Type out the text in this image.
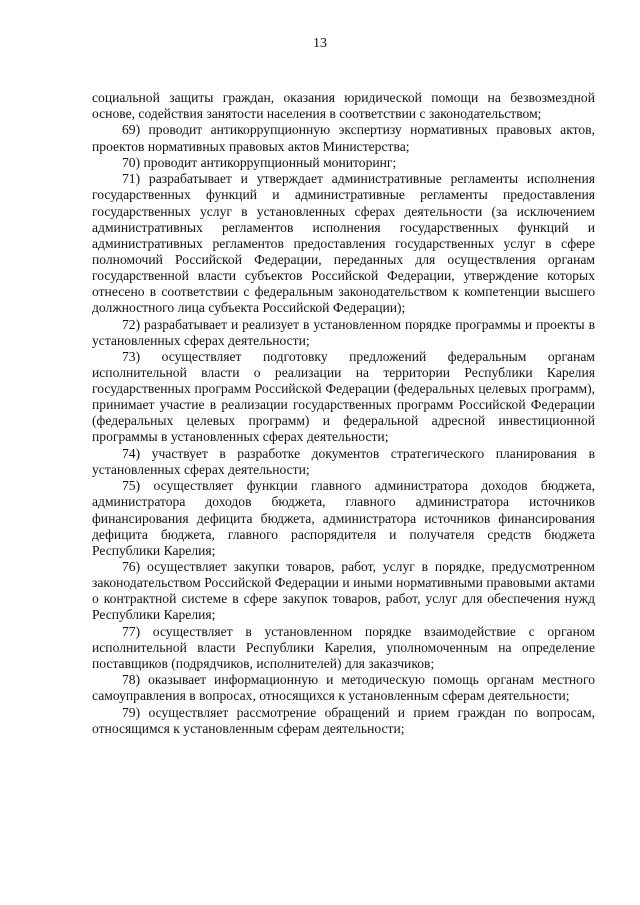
13

социальной защиты граждан, оказания юридической помощи на безвозмездной основе, содействия занятости населения в соответствии с законодательством;

69) проводит антикоррупционную экспертизу нормативных правовых актов, проектов нормативных правовых актов Министерства;

70) проводит антикоррупционный мониторинг;

71) разрабатывает и утверждает административные регламенты исполнения государственных функций и административные регламенты предоставления государственных услуг в установленных сферах деятельности (за исключением административных регламентов исполнения государственных функций и административных регламентов предоставления государственных услуг в сфере полномочий Российской Федерации, переданных для осуществления органам государственной власти субъектов Российской Федерации, утверждение которых отнесено в соответствии с федеральным законодательством к компетенции высшего должностного лица субъекта Российской Федерации);

72) разрабатывает и реализует в установленном порядке программы и проекты в установленных сферах деятельности;

73) осуществляет подготовку предложений федеральным органам исполнительной власти о реализации на территории Республики Карелия государственных программ Российской Федерации (федеральных целевых программ), принимает участие в реализации государственных программ Российской Федерации (федеральных целевых программ) и федеральной адресной инвестиционной программы в установленных сферах деятельности;

74) участвует в разработке документов стратегического планирования в установленных сферах деятельности;

75) осуществляет функции главного администратора доходов бюджета, администратора доходов бюджета, главного администратора источников финансирования дефицита бюджета, администратора источников финансирования дефицита бюджета, главного распорядителя и получателя средств бюджета Республики Карелия;

76) осуществляет закупки товаров, работ, услуг в порядке, предусмотренном законодательством Российской Федерации и иными нормативными правовыми актами о контрактной системе в сфере закупок товаров, работ, услуг для обеспечения нужд Республики Карелия;

77) осуществляет в установленном порядке взаимодействие с органом исполнительной власти Республики Карелия, уполномоченным на определение поставщиков (подрядчиков, исполнителей) для заказчиков;

78) оказывает информационную и методическую помощь органам местного самоуправления в вопросах, относящихся к установленным сферам деятельности;

79) осуществляет рассмотрение обращений и прием граждан по вопросам, относящимся к установленным сферам деятельности;
